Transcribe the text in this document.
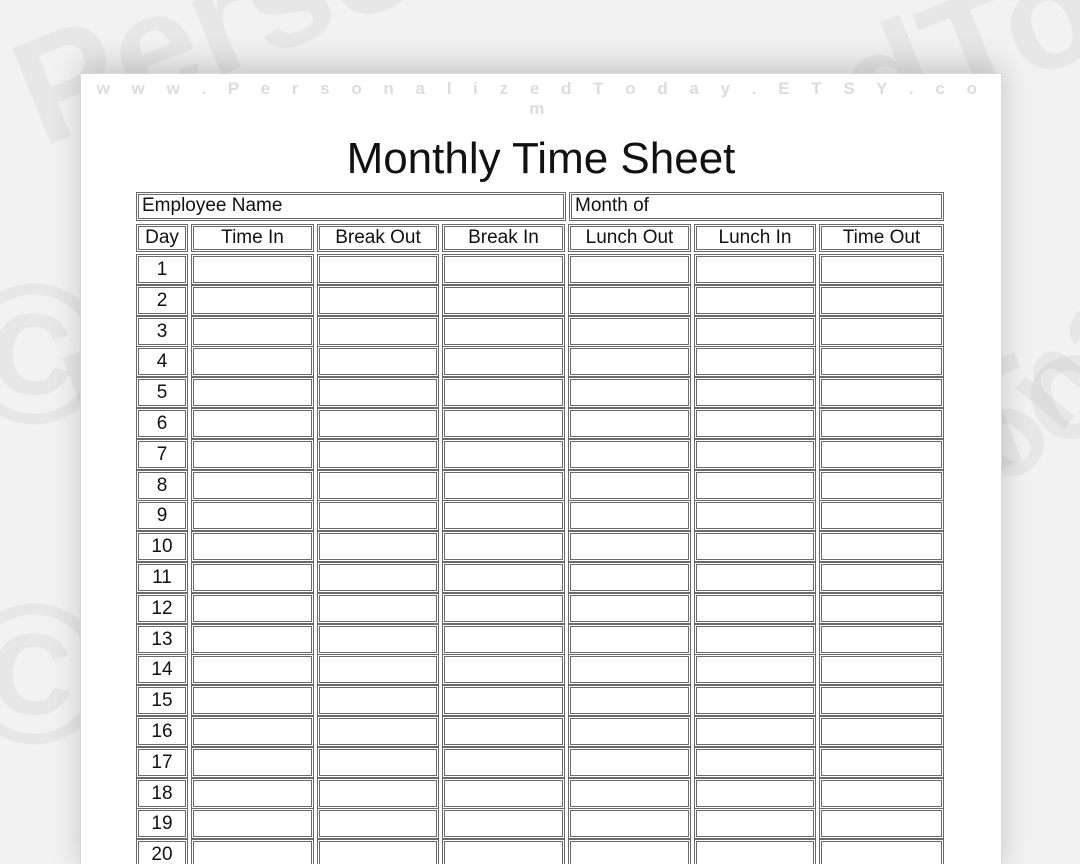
w w w . P e r s o n a l i z e d T o d a y . E T S Y . c o m
Monthly Time Sheet
Employee Name	Month of
Day	Time In	Break Out	Break In	Lunch Out	Lunch In	Time Out
1
2
3
4
5
6
7
8
9
10
11
12
13
14
15
16
17
18
19
20
